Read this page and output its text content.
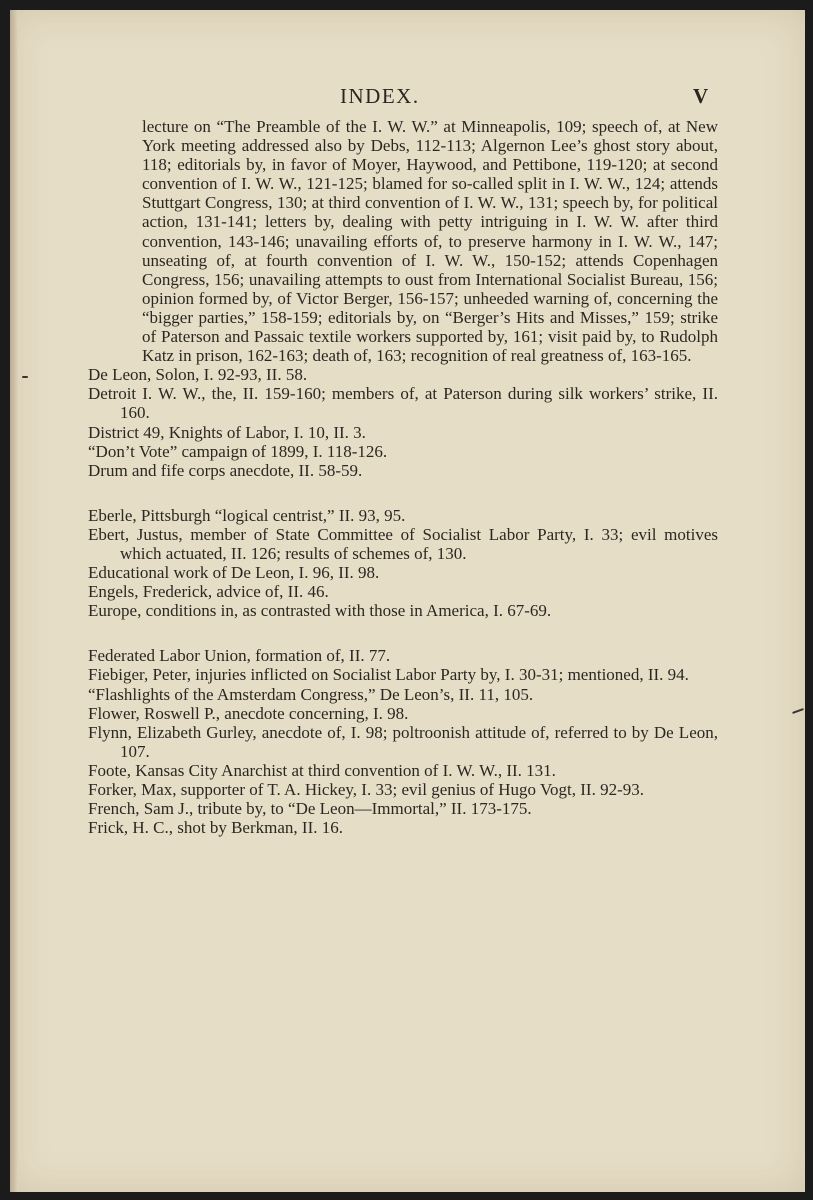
INDEX.	V
lecture on “The Preamble of the I. W. W.” at Minneapolis, 109; speech of, at New York meeting addressed also by Debs, 112-113; Algernon Lee’s ghost story about, 118; editorials by, in favor of Moyer, Haywood, and Pettibone, 119-120; at second convention of I. W. W., 121-125; blamed for so-called split in I. W. W., 124; attends Stuttgart Congress, 130; at third convention of I. W. W., 131; speech by, for political action, 131-141; letters by, dealing with petty intriguing in I. W. W. after third convention, 143-146; unavailing efforts of, to preserve harmony in I. W. W., 147; unseating of, at fourth convention of I. W. W., 150-152; attends Copenhagen Congress, 156; unavailing attempts to oust from International Socialist Bureau, 156; opinion formed by, of Victor Berger, 156-157; unheeded warning of, concerning the “bigger parties,” 158-159; editorials by, on “Berger’s Hits and Misses,” 159; strike of Paterson and Passaic textile workers supported by, 161; visit paid by, to Rudolph Katz in prison, 162-163; death of, 163; recognition of real greatness of, 163-165.
De Leon, Solon, I. 92-93, II. 58.
Detroit I. W. W., the, II. 159-160; members of, at Paterson during silk workers’ strike, II. 160.
District 49, Knights of Labor, I. 10, II. 3.
“Don’t Vote” campaign of 1899, I. 118-126.
Drum and fife corps anecdote, II. 58-59.
Eberle, Pittsburgh “logical centrist,” II. 93, 95.
Ebert, Justus, member of State Committee of Socialist Labor Party, I. 33; evil motives which actuated, II. 126; results of schemes of, 130.
Educational work of De Leon, I. 96, II. 98.
Engels, Frederick, advice of, II. 46.
Europe, conditions in, as contrasted with those in America, I. 67-69.
Federated Labor Union, formation of, II. 77.
Fiebiger, Peter, injuries inflicted on Socialist Labor Party by, I. 30-31; mentioned, II. 94.
“Flashlights of the Amsterdam Congress,” De Leon’s, II. 11, 105.
Flower, Roswell P., anecdote concerning, I. 98.
Flynn, Elizabeth Gurley, anecdote of, I. 98; poltroonish attitude of, referred to by De Leon, 107.
Foote, Kansas City Anarchist at third convention of I. W. W., II. 131.
Forker, Max, supporter of T. A. Hickey, I. 33; evil genius of Hugo Vogt, II. 92-93.
French, Sam J., tribute by, to “De Leon—Immortal,” II. 173-175.
Frick, H. C., shot by Berkman, II. 16.
